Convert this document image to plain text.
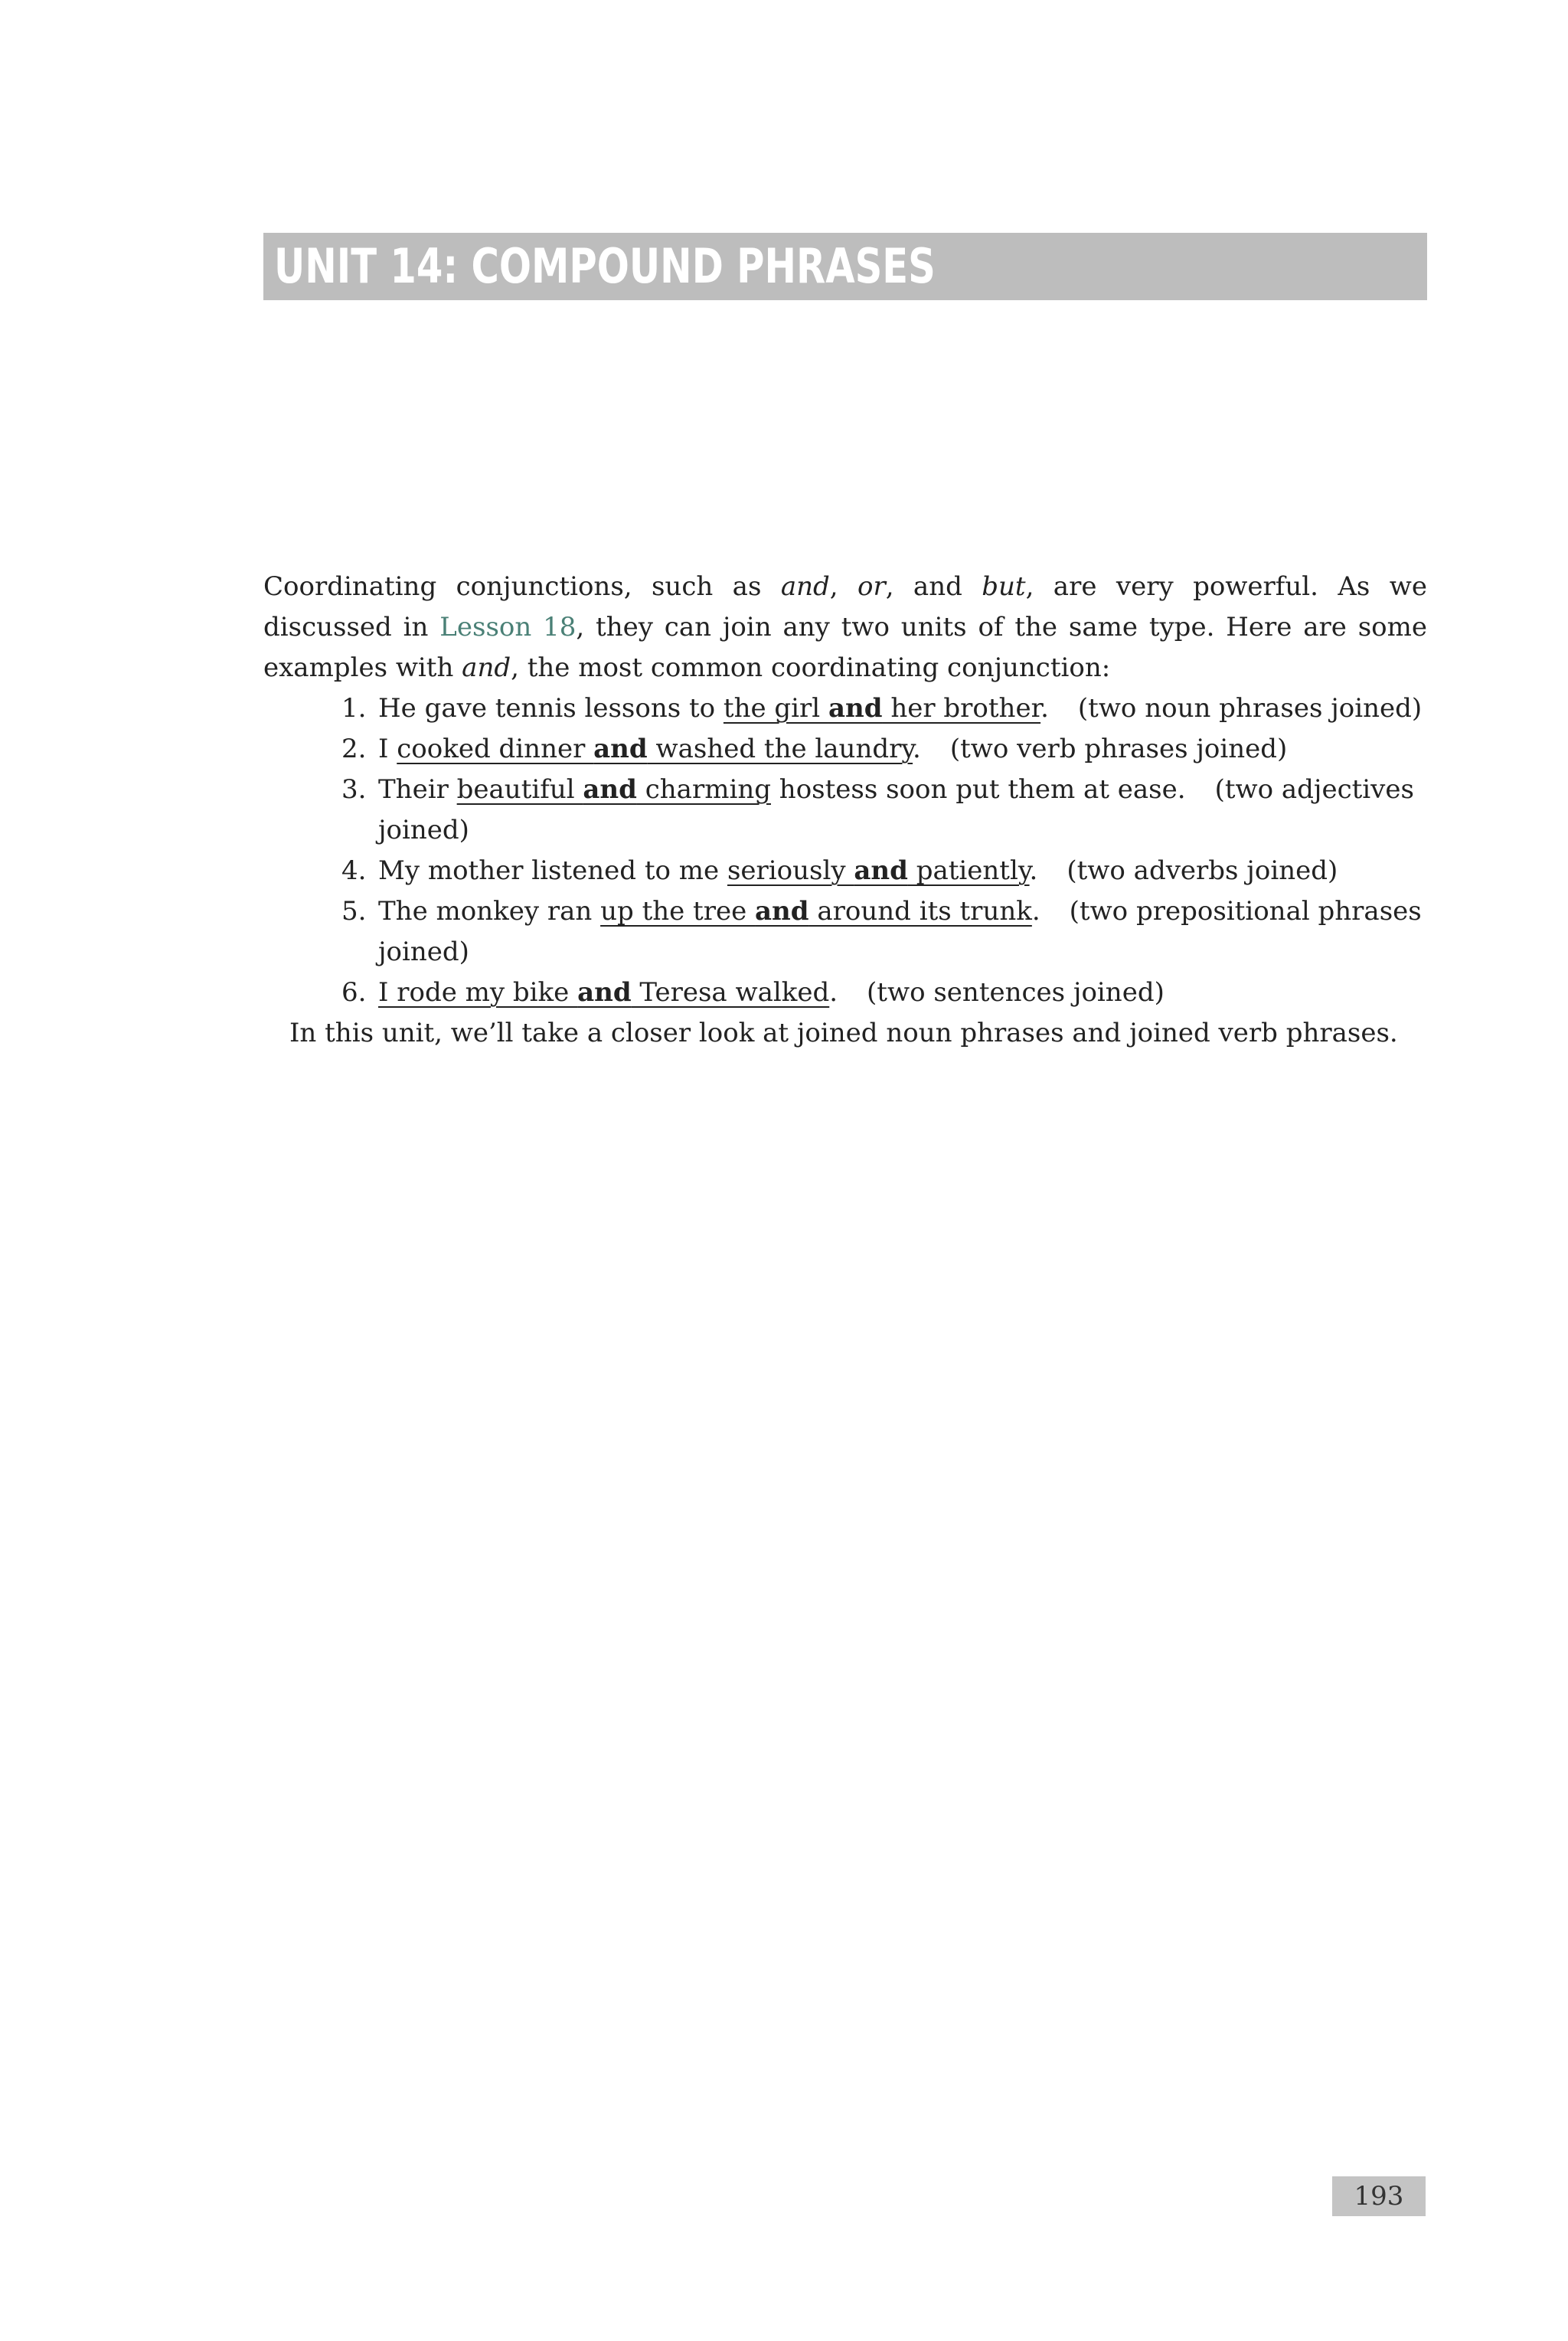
UNIT 14: COMPOUND PHRASES

Coordinating conjunctions, such as and, or, and but, are very powerful. As we discussed in Lesson 18, they can join any two units of the same type. Here are some examples with and, the most common coordinating conjunction:

1. He gave tennis lessons to the girl and her brother. (two noun phrases joined)
2. I cooked dinner and washed the laundry. (two verb phrases joined)
3. Their beautiful and charming hostess soon put them at ease. (two adjectives joined)
4. My mother listened to me seriously and patiently. (two adverbs joined)
5. The monkey ran up the tree and around its trunk. (two prepositional phrases joined)
6. I rode my bike and Teresa walked. (two sentences joined)

In this unit, we’ll take a closer look at joined noun phrases and joined verb phrases.

193
